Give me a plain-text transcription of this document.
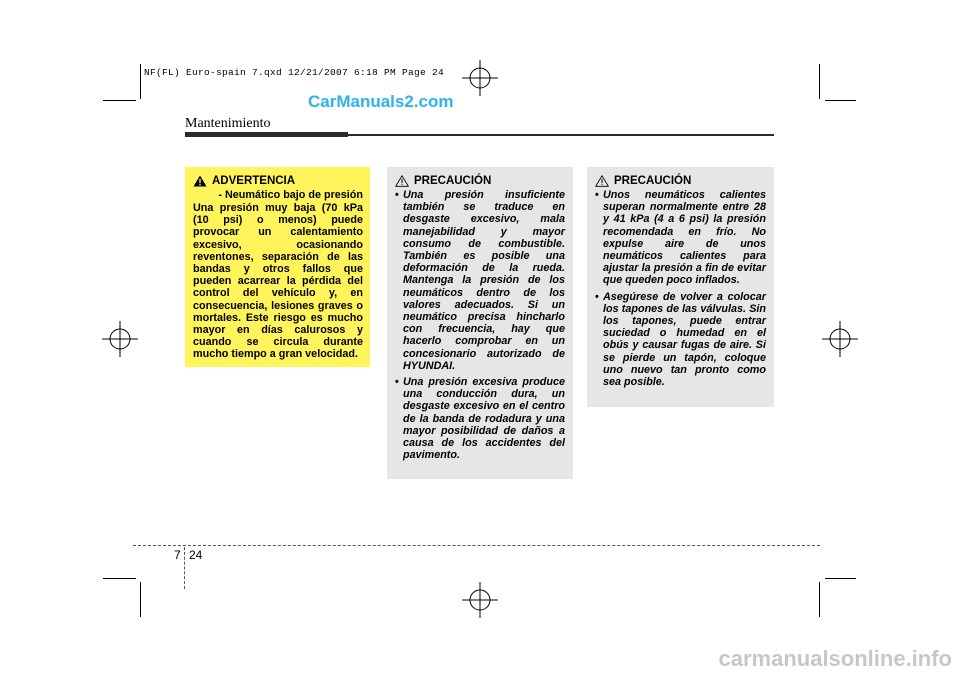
NF(FL) Euro-spain 7.qxd 12/21/2007 6:18 PM Page 24
CarManuals2.com
Mantenimiento
ADVERTENCIA
- Neumático bajo de presión
Una presión muy baja (70 kPa (10 psi) o menos) puede provocar un calentamiento excesivo, ocasionando reventones, separación de las bandas y otros fallos que pueden acarrear la pérdida del control del vehículo y, en consecuencia, lesiones graves o mortales. Este riesgo es mucho mayor en días calurosos y cuando se circula durante mucho tiempo a gran velocidad.
PRECAUCIÓN
• Una presión insuficiente también se traduce en desgaste excesivo, mala manejabilidad y mayor consumo de combustible. También es posible una deformación de la rueda. Mantenga la presión de los neumáticos dentro de los valores adecuados. Si un neumático precisa hincharlo con frecuencia, hay que hacerlo comprobar en un concesionario autorizado de HYUNDAI.
• Una presión excesiva produce una conducción dura, un desgaste excesivo en el centro de la banda de rodadura y una mayor posibilidad de daños a causa de los accidentes del pavimento.
PRECAUCIÓN
• Unos neumáticos calientes superan normalmente entre 28 y 41 kPa (4 a 6 psi) la presión recomendada en frío. No expulse aire de unos neumáticos calientes para ajustar la presión a fin de evitar que queden poco inflados.
• Asegúrese de volver a colocar los tapones de las válvulas. Sin los tapones, puede entrar suciedad o humedad en el obús y causar fugas de aire. Si se pierde un tapón, coloque uno nuevo tan pronto como sea posible.
7 24
carmanualsonline.info
